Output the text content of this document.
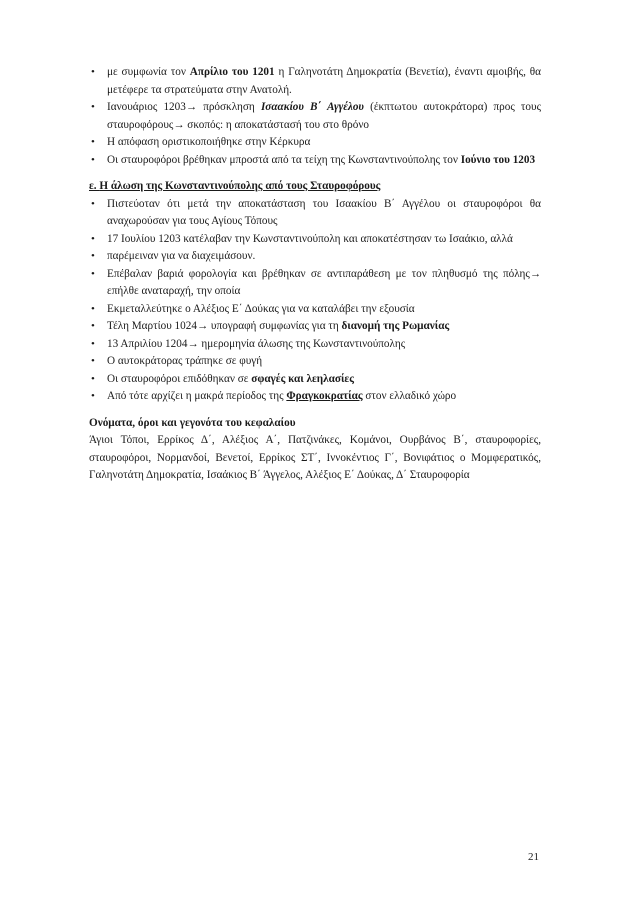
• με συμφωνία τον Απρίλιο του 1201 η Γαληνοτάτη Δημοκρατία (Βενετία), έναντι αμοιβής, θα μετέφερε τα στρατεύματα στην Ανατολή.
• Ιανουάριος 1203→ πρόσκληση Ισαακίου Β΄ Αγγέλου (έκπτωτου αυτοκράτορα) προς τους σταυροφόρους→ σκοπός: η αποκατάστασή του στο θρόνο
• Η απόφαση οριστικοποιήθηκε στην Κέρκυρα
• Οι σταυροφόροι βρέθηκαν μπροστά από τα τείχη της Κωνσταντινούπολης τον Ιούνιο του 1203
ε. Η άλωση της Κωνσταντινούπολης από τους Σταυροφόρους
• Πιστεύοταν ότι μετά την αποκατάσταση του Ισαακίου Β΄ Αγγέλου οι σταυροφόροι θα αναχωρούσαν για τους Αγίους Τόπους
• 17 Ιουλίου 1203 κατέλαβαν την Κωνσταντινούπολη και αποκατέστησαν τω Ισαάκιο, αλλά
• παρέμειναν για να διαχειμάσουν.
• Επέβαλαν βαριά φορολογία και βρέθηκαν σε αντιπαράθεση με τον πληθυσμό της πόλης→ επήλθε αναταραχή, την οποία
• Εκμεταλλεύτηκε ο Αλέξιος Ε΄ Δούκας για να καταλάβει την εξουσία
• Τέλη Μαρτίου 1024→ υπογραφή συμφωνίας για τη διανομή της Ρωμανίας
• 13 Απριλίου 1204→ ημερομηνία άλωσης της Κωνσταντινούπολης
• Ο αυτοκράτορας τράπηκε σε φυγή
• Οι σταυροφόροι επιδόθηκαν σε σφαγές και λεηλασίες
• Από τότε αρχίζει η μακρά περίοδος της Φραγκοκρατίας στον ελλαδικό χώρο
Ονόματα, όροι και γεγονότα του κεφαλαίου
Άγιοι Τόποι, Ερρίκος Δ΄, Αλέξιος Α΄, Πατζινάκες, Κομάνοι, Ουρβάνος Β΄, σταυροφορίες, σταυροφόροι, Νορμανδοί, Βενετοί, Ερρίκος ΣΤ΄, Ιννοκέντιος Γ΄, Βονιφάτιος ο Μομφερατικός, Γαληνοτάτη Δημοκρατία, Ισαάκιος Β΄ Άγγελος, Αλέξιος Ε΄ Δούκας, Δ΄ Σταυροφορία
21
